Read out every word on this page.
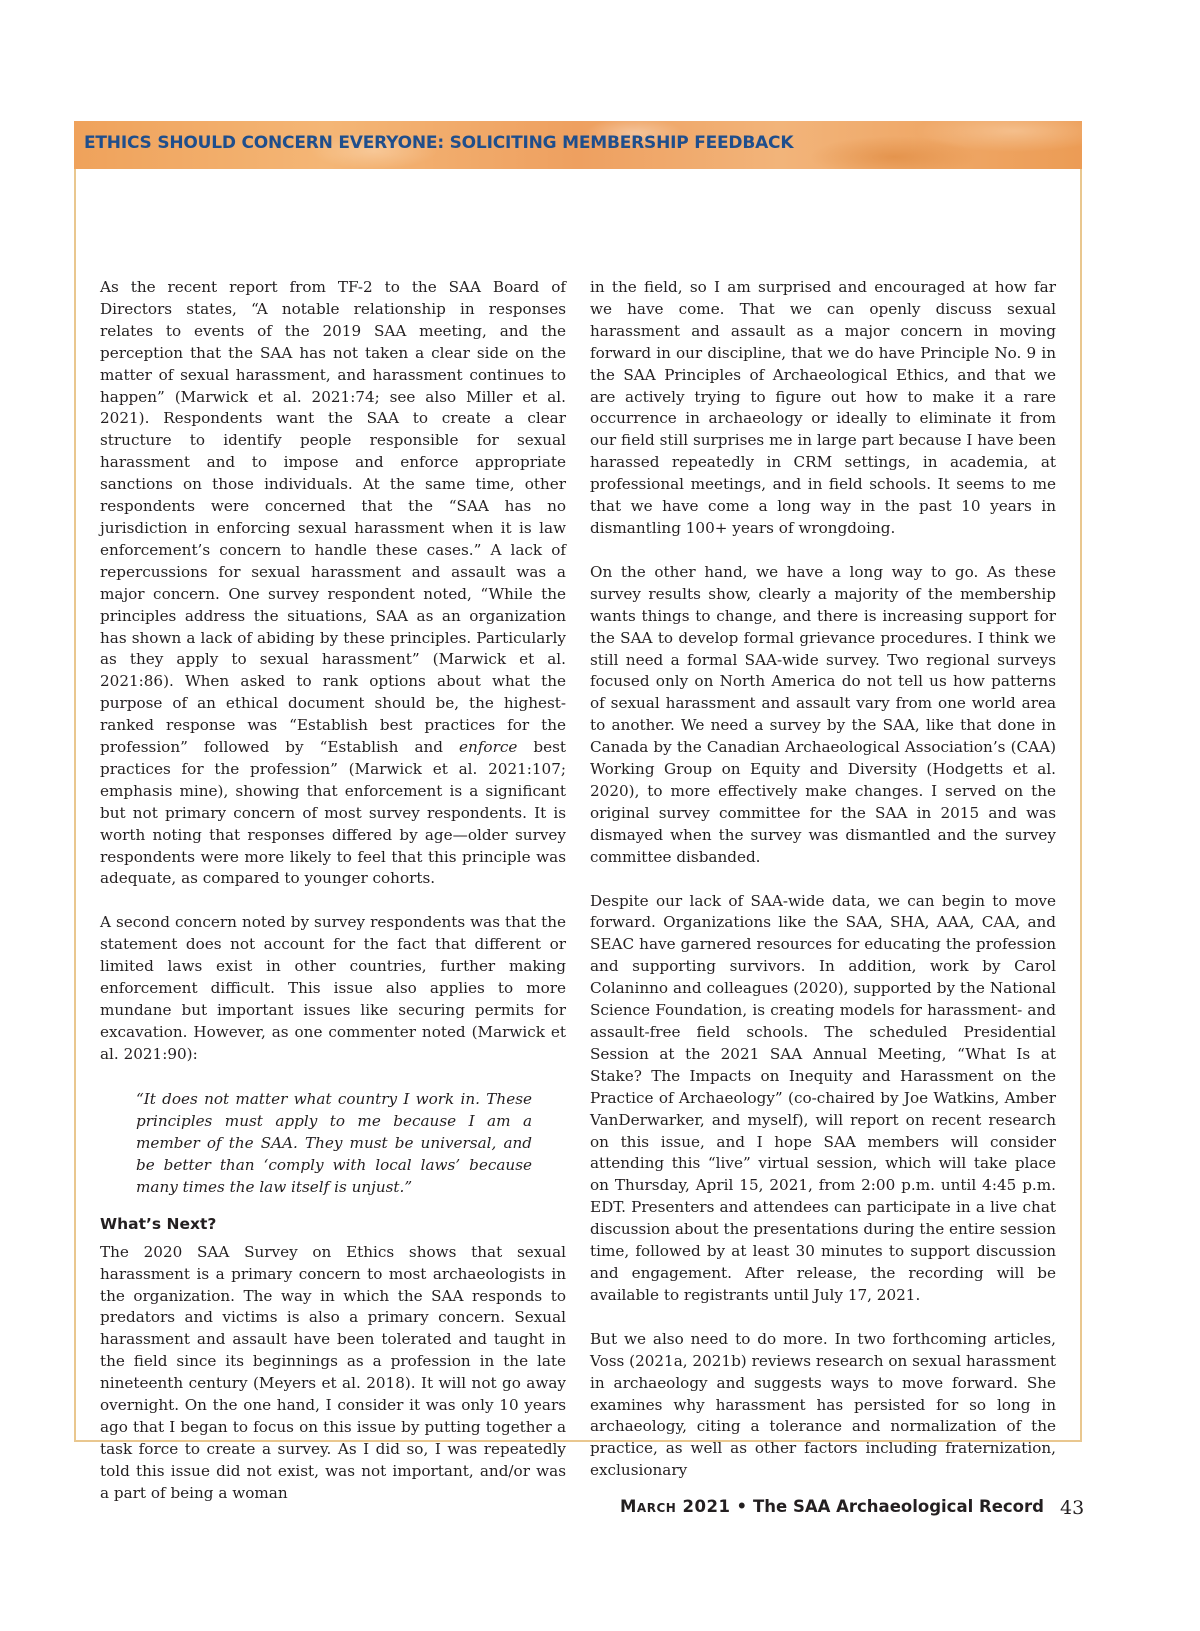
ETHICS SHOULD CONCERN EVERYONE: SOLICITING MEMBERSHIP FEEDBACK

As the recent report from TF-2 to the SAA Board of Directors states, “A notable relationship in responses relates to events of the 2019 SAA meeting, and the perception that the SAA has not taken a clear side on the matter of sexual harassment, and harassment continues to happen” (Marwick et al. 2021:74; see also Miller et al. 2021). Respondents want the SAA to create a clear structure to identify people responsible for sexual harassment and to impose and enforce appropriate sanctions on those individuals. At the same time, other respondents were concerned that the “SAA has no jurisdiction in enforcing sexual harassment when it is law enforcement’s concern to handle these cases.” A lack of repercussions for sexual harassment and assault was a major concern. One survey respondent noted, “While the principles address the situations, SAA as an organization has shown a lack of abiding by these principles. Particularly as they apply to sexual harassment” (Marwick et al. 2021:86). When asked to rank options about what the purpose of an ethical document should be, the highest-ranked response was “Establish best practices for the profession” followed by “Establish and enforce best practices for the profession” (Marwick et al. 2021:107; emphasis mine), showing that enforcement is a significant but not primary concern of most survey respondents. It is worth noting that responses differed by age—older survey respondents were more likely to feel that this principle was adequate, as compared to younger cohorts.

A second concern noted by survey respondents was that the statement does not account for the fact that different or limited laws exist in other countries, further making enforcement difficult. This issue also applies to more mundane but important issues like securing permits for excavation. However, as one commenter noted (Marwick et al. 2021:90):

“It does not matter what country I work in. These principles must apply to me because I am a member of the SAA. They must be universal, and be better than ‘comply with local laws’ because many times the law itself is unjust.”
What’s Next?

The 2020 SAA Survey on Ethics shows that sexual harassment is a primary concern to most archaeologists in the organization. The way in which the SAA responds to predators and victims is also a primary concern. Sexual harassment and assault have been tolerated and taught in the field since its beginnings as a profession in the late nineteenth century (Meyers et al. 2018). It will not go away overnight. On the one hand, I consider it was only 10 years ago that I began to focus on this issue by putting together a task force to create a survey. As I did so, I was repeatedly told this issue did not exist, was not important, and/or was a part of being a woman

in the field, so I am surprised and encouraged at how far we have come. That we can openly discuss sexual harassment and assault as a major concern in moving forward in our discipline, that we do have Principle No. 9 in the SAA Principles of Archaeological Ethics, and that we are actively trying to figure out how to make it a rare occurrence in archaeology or ideally to eliminate it from our field still surprises me in large part because I have been harassed repeatedly in CRM settings, in academia, at professional meetings, and in field schools. It seems to me that we have come a long way in the past 10 years in dismantling 100+ years of wrongdoing.

On the other hand, we have a long way to go. As these survey results show, clearly a majority of the membership wants things to change, and there is increasing support for the SAA to develop formal grievance procedures. I think we still need a formal SAA-wide survey. Two regional surveys focused only on North America do not tell us how patterns of sexual harassment and assault vary from one world area to another. We need a survey by the SAA, like that done in Canada by the Canadian Archaeological Association’s (CAA) Working Group on Equity and Diversity (Hodgetts et al. 2020), to more effectively make changes. I served on the original survey committee for the SAA in 2015 and was dismayed when the survey was dismantled and the survey committee disbanded.

Despite our lack of SAA-wide data, we can begin to move forward. Organizations like the SAA, SHA, AAA, CAA, and SEAC have garnered resources for educating the profession and supporting survivors. In addition, work by Carol Colaninno and colleagues (2020), supported by the National Science Foundation, is creating models for harassment- and assault-free field schools. The scheduled Presidential Session at the 2021 SAA Annual Meeting, “What Is at Stake? The Impacts on Inequity and Harassment on the Practice of Archaeology” (co-chaired by Joe Watkins, Amber VanDerwarker, and myself), will report on recent research on this issue, and I hope SAA members will consider attending this “live” virtual session, which will take place on Thursday, April 15, 2021, from 2:00 p.m. until 4:45 p.m. EDT. Presenters and attendees can participate in a live chat discussion about the presentations during the entire session time, followed by at least 30 minutes to support discussion and engagement. After release, the recording will be available to registrants until July 17, 2021.

But we also need to do more. In two forthcoming articles, Voss (2021a, 2021b) reviews research on sexual harassment in archaeology and suggests ways to move forward. She examines why harassment has persisted for so long in archaeology, citing a tolerance and normalization of the practice, as well as other factors including fraternization, exclusionary

March 2021 • The SAA Archaeological Record 43
